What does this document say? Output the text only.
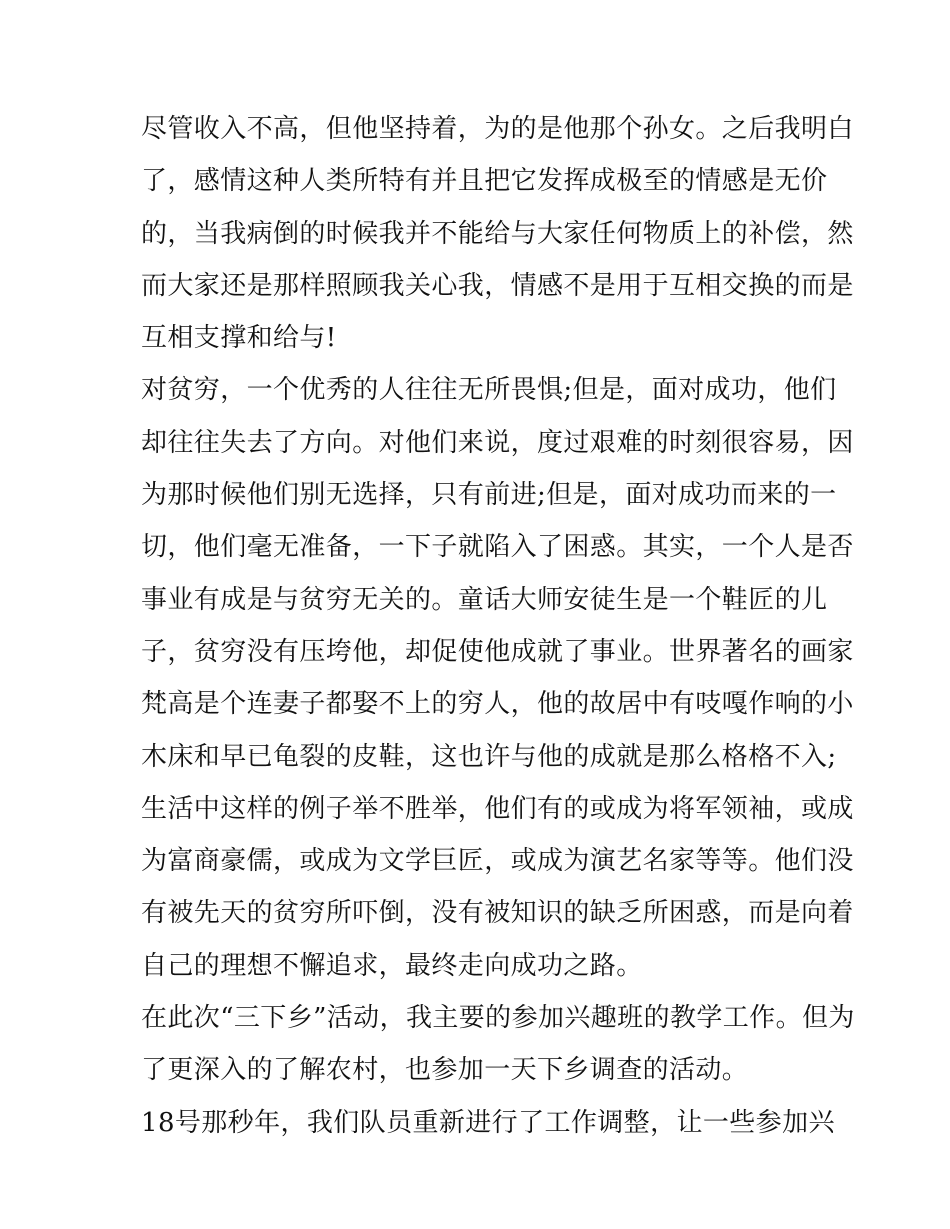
尽管收入不高，但他坚持着，为的是他那个孙女。之后我明白
了，感情这种人类所特有并且把它发挥成极至的情感是无价
的，当我病倒的时候我并不能给与大家任何物质上的补偿，然
而大家还是那样照顾我关心我，情感不是用于互相交换的而是
互相支撑和给与!
对贫穷，一个优秀的人往往无所畏惧;但是，面对成功，他们
却往往失去了方向。对他们来说，度过艰难的时刻很容易，因
为那时候他们别无选择，只有前进;但是，面对成功而来的一
切，他们毫无准备，一下子就陷入了困惑。其实，一个人是否
事业有成是与贫穷无关的。童话大师安徒生是一个鞋匠的儿
子，贫穷没有压垮他，却促使他成就了事业。世界著名的画家
梵高是个连妻子都娶不上的穷人，他的故居中有吱嘎作响的小
木床和早已龟裂的皮鞋，这也许与他的成就是那么格格不入;
生活中这样的例子举不胜举，他们有的或成为将军领袖，或成
为富商豪儒，或成为文学巨匠，或成为演艺名家等等。他们没
有被先天的贫穷所吓倒，没有被知识的缺乏所困惑，而是向着
自己的理想不懈追求，最终走向成功之路。
在此次“三下乡”活动，我主要的参加兴趣班的教学工作。但为
了更深入的了解农村，也参加一天下乡调查的活动。
18号那秒年，我们队员重新进行了工作调整，让一些参加兴
